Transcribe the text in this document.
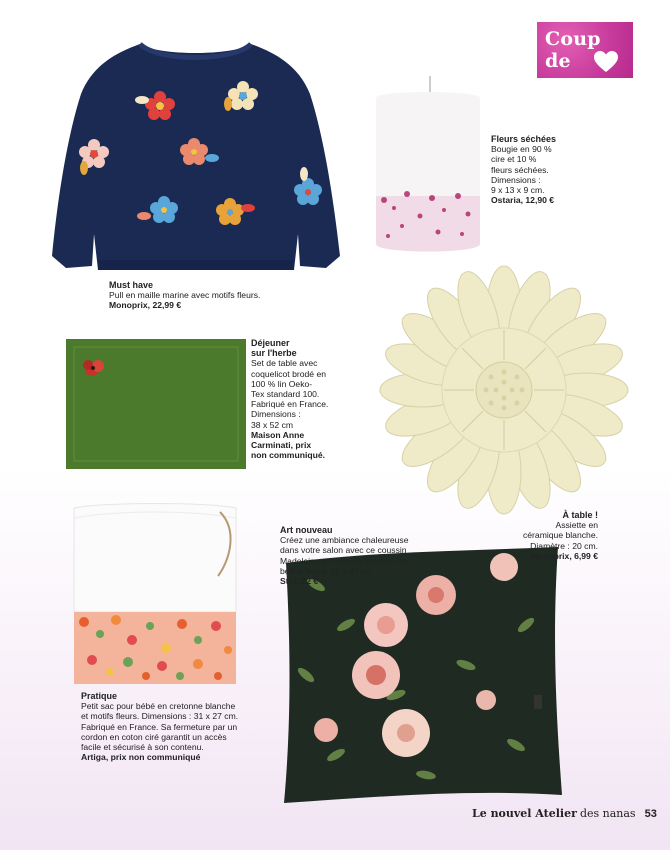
Coup de
Must have
Pull en maille marine avec motifs fleurs.
Monoprix, 22,99 €
Fleurs séchées
Bougie en 90 %
cire et 10 %
fleurs séchées.
Dimensions :
9 x 13 x 9 cm.
Ostaria, 12,90 €
Déjeuner
sur l'herbe
Set de table avec
coquelicot brodé en
100 % lin Oeko-
Tex standard 100.
Fabriqué en France.
Dimensions :
38 x 52 cm
Maison Anne
Carminati, prix
non communiqué.
À table !
Assiette en
céramique blanche.
Diamètre : 20 cm.
Monoprix, 6,99 €
Art nouveau
Créez une ambiance chaleureuse
dans votre salon avec ce coussin
Madeleine en velours imprimé de
belles fleurs. 45 x 45 cm.
Stof, 22 €
Pratique
Petit sac pour bébé en cretonne blanche
et motifs fleurs. Dimensions : 31 x 27 cm.
Fabriqué en France. Sa fermeture par un
cordon en coton ciré garantit un accès
facile et sécurisé à son contenu.
Artiga, prix non communiqué
Le nouvel Atelier des nanas 53
